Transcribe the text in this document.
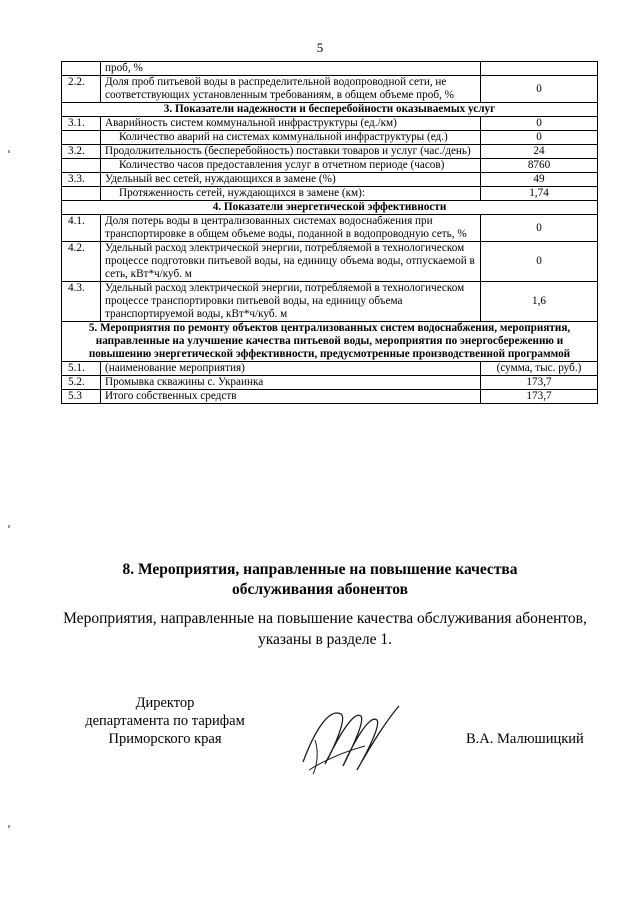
5
	проб, %	
2.2.	Доля проб питьевой воды в распределительной водопроводной сети, не соответствующих установленным требованиям, в общем объеме проб, %	0
3. Показатели надежности и бесперебойности оказываемых услуг		
3.1.	Аварийность систем коммунальной инфраструктуры (ед./км)	0
	Количество аварий на системах коммунальной инфраструктуры (ед.)	0
3.2.	Продолжительность (бесперебойность) поставки товаров и услуг (час./день)	24
	Количество часов предоставления услуг в отчетном периоде (часов)	8760
3.3.	Удельный вес сетей, нуждающихся в замене (%)	49
	Протяженность сетей, нуждающихся в замене (км):	1,74
4. Показатели энергетической эффективности		
4.1.	Доля потерь воды в централизованных системах водоснабжения при транспортировке в общем объеме воды, поданной в водопроводную сеть, %	0
4.2.	Удельный расход электрической энергии, потребляемой в технологическом процессе подготовки питьевой воды, на единицу объема воды, отпускаемой в сеть, кВт*ч/куб. м	0
4.3.	Удельный расход электрической энергии, потребляемой в технологическом процессе транспортировки питьевой воды, на единицу объема транспортируемой воды, кВт*ч/куб. м	1,6
5. Мероприятия по ремонту объектов централизованных систем водоснабжения, мероприятия, направленные на улучшение качества питьевой воды, мероприятия по энергосбережению и повышению энергетической эффективности, предусмотренные производственной программой		
5.1.	(наименование мероприятия)	(сумма, тыс. руб.)
5.2.	Промывка скважины с. Украинка	173,7
5.3	Итого собственных средств	173,7
8. Мероприятия, направленные на повышение качества
обслуживания абонентов
Мероприятия, направленные на повышение качества обслуживания абонентов,
указаны в разделе 1.
Директор
департамента по тарифам
Приморского края	В.А. Малюшицкий
